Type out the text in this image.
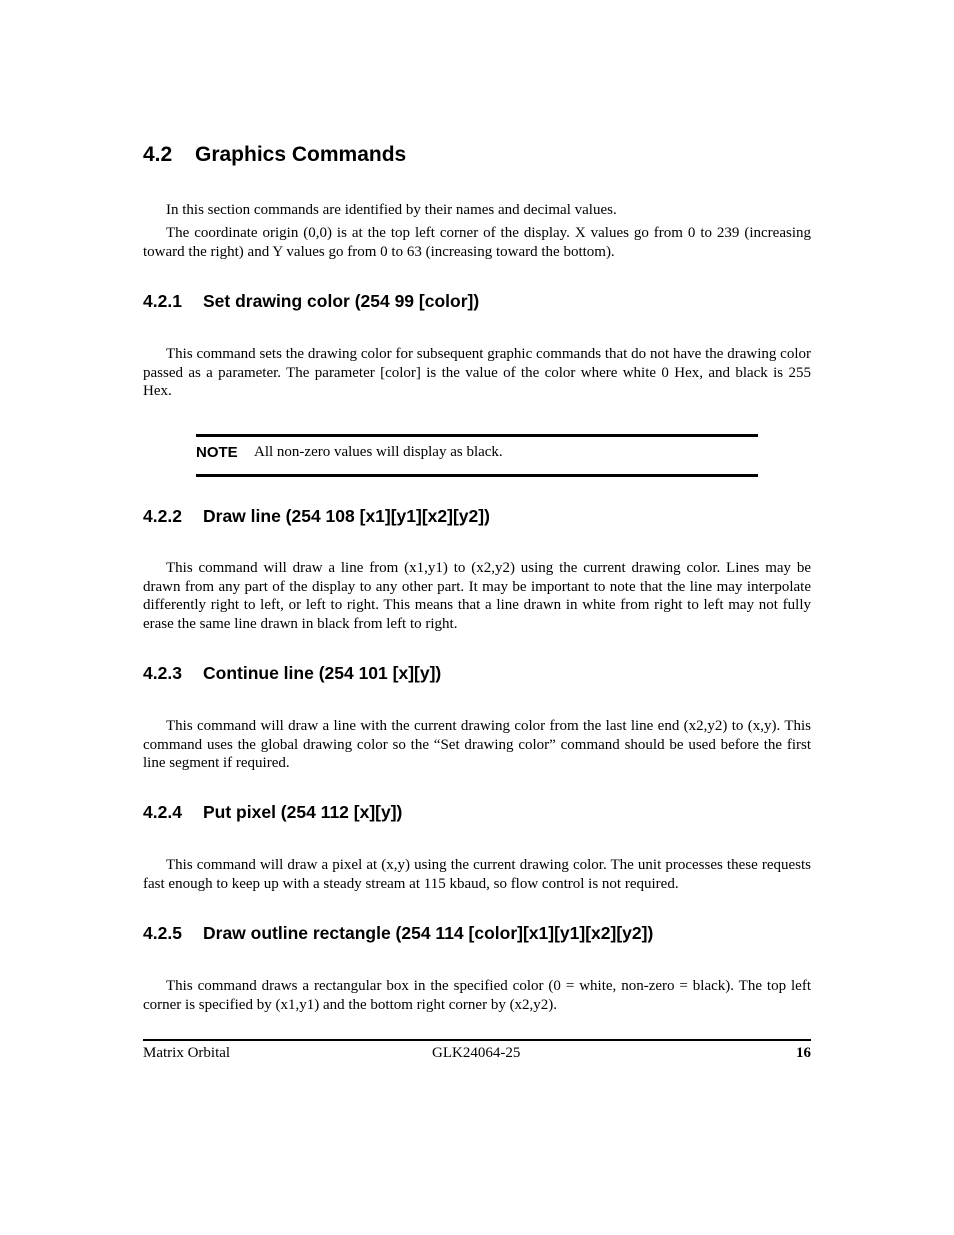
4.2 Graphics Commands

In this section commands are identified by their names and decimal values.

The coordinate origin (0,0) is at the top left corner of the display. X values go from 0 to 239 (increasing toward the right) and Y values go from 0 to 63 (increasing toward the bottom).

4.2.1 Set drawing color (254 99 [color])

This command sets the drawing color for subsequent graphic commands that do not have the drawing color passed as a parameter. The parameter [color] is the value of the color where white 0 Hex, and black is 255 Hex.

NOTE All non-zero values will display as black.
4.2.2 Draw line (254 108 [x1][y1][x2][y2])

This command will draw a line from (x1,y1) to (x2,y2) using the current drawing color. Lines may be drawn from any part of the display to any other part. It may be important to note that the line may interpolate differently right to left, or left to right. This means that a line drawn in white from right to left may not fully erase the same line drawn in black from left to right.

4.2.3 Continue line (254 101 [x][y])

This command will draw a line with the current drawing color from the last line end (x2,y2) to (x,y). This command uses the global drawing color so the “Set drawing color” command should be used before the first line segment if required.

4.2.4 Put pixel (254 112 [x][y])

This command will draw a pixel at (x,y) using the current drawing color. The unit processes these requests fast enough to keep up with a steady stream at 115 kbaud, so flow control is not required.

4.2.5 Draw outline rectangle (254 114 [color][x1][y1][x2][y2])

This command draws a rectangular box in the specified color (0 = white, non-zero = black). The top left corner is specified by (x1,y1) and the bottom right corner by (x2,y2).

Matrix Orbital	GLK24064-25	16
